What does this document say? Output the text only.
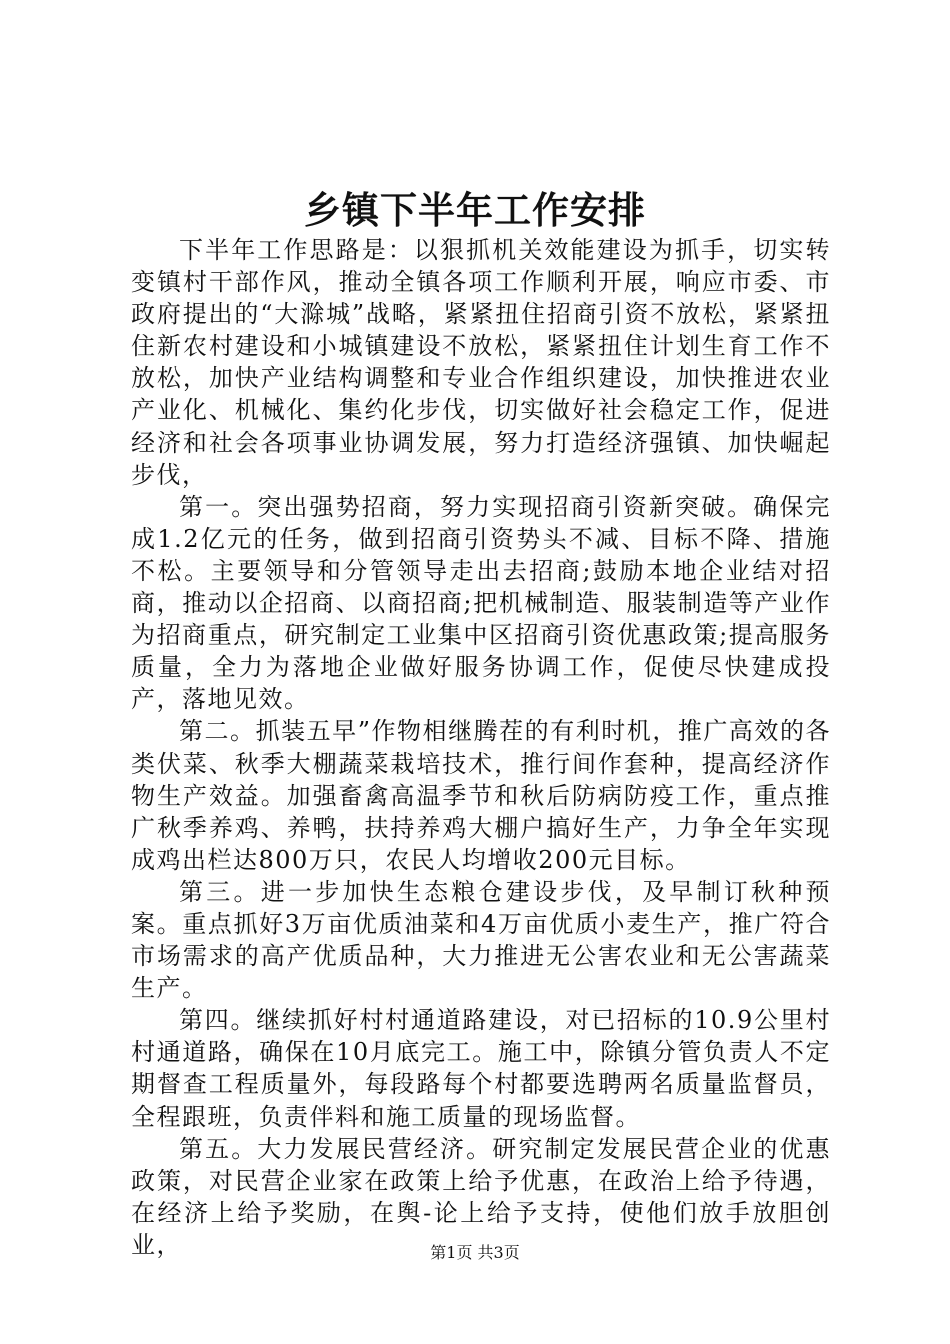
乡镇下半年工作安排

下半年工作思路是：以狠抓机关效能建设为抓手，切实转变镇村干部作风，推动全镇各项工作顺利开展，响应市委、市政府提出的“大滁城”战略，紧紧扭住招商引资不放松，紧紧扭住新农村建设和小城镇建设不放松，紧紧扭住计划生育工作不放松，加快产业结构调整和专业合作组织建设，加快推进农业产业化、机械化、集约化步伐，切实做好社会稳定工作，促进经济和社会各项事业协调发展，努力打造经济强镇、加快崛起步伐，

第一。突出强势招商，努力实现招商引资新突破。确保完成1.2亿元的任务，做到招商引资势头不减、目标不降、措施不松。主要领导和分管领导走出去招商;鼓励本地企业结对招商，推动以企招商、以商招商;把机械制造、服装制造等产业作为招商重点，研究制定工业集中区招商引资优惠政策;提高服务质量，全力为落地企业做好服务协调工作，促使尽快建成投产，落地见效。

第二。抓装五早”作物相继腾茬的有利时机，推广高效的各类伏菜、秋季大棚蔬菜栽培技术，推行间作套种，提高经济作物生产效益。加强畜禽高温季节和秋后防病防疫工作，重点推广秋季养鸡、养鸭，扶持养鸡大棚户搞好生产，力争全年实现成鸡出栏达800万只，农民人均增收200元目标。

第三。进一步加快生态粮仓建设步伐，及早制订秋种预案。重点抓好3万亩优质油菜和4万亩优质小麦生产，推广符合市场需求的高产优质品种，大力推进无公害农业和无公害蔬菜生产。

第四。继续抓好村村通道路建设，对已招标的10.9公里村村通道路，确保在10月底完工。施工中，除镇分管负责人不定期督查工程质量外，每段路每个村都要选聘两名质量监督员，全程跟班，负责伴料和施工质量的现场监督。

第五。大力发展民营经济。研究制定发展民营企业的优惠政策，对民营企业家在政策上给予优惠，在政治上给予待遇，在经济上给予奖励，在舆-论上给予支持，使他们放手放胆创业，	第1页 共3页
